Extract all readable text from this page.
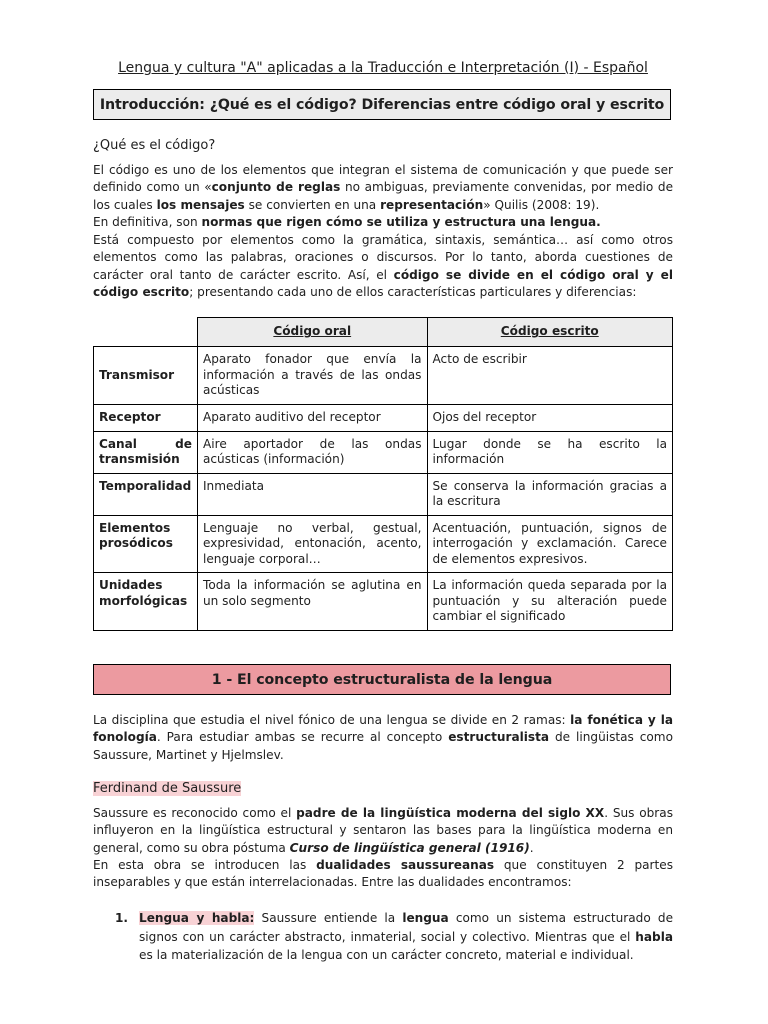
Lengua y cultura "A" aplicadas a la Traducción e Interpretación (I) - Español
Introducción: ¿Qué es el código? Diferencias entre código oral y escrito
¿Qué es el código?
El código es uno de los elementos que integran el sistema de comunicación y que puede ser definido como un «conjunto de reglas no ambiguas, previamente convenidas, por medio de los cuales los mensajes se convierten en una representación» Quilis (2008: 19).
En definitiva, son normas que rigen cómo se utiliza y estructura una lengua.
Está compuesto por elementos como la gramática, sintaxis, semántica… así como otros elementos como las palabras, oraciones o discursos. Por lo tanto, aborda cuestiones de carácter oral tanto de carácter escrito. Así, el código se divide en el código oral y el código escrito; presentando cada uno de ellos características particulares y diferencias:
	Código oral	Código escrito
Transmisor	Aparato fonador que envía la información a través de las ondas acústicas	Acto de escribir
Receptor	Aparato auditivo del receptor	Ojos del receptor
Canal de transmisión	Aire aportador de las ondas acústicas (información)	Lugar donde se ha escrito la información
Temporalidad	Inmediata	Se conserva la información gracias a la escritura
Elementos prosódicos	Lenguaje no verbal, gestual, expresividad, entonación, acento, lenguaje corporal…	Acentuación, puntuación, signos de interrogación y exclamación. Carece de elementos expresivos.
Unidades morfológicas	Toda la información se aglutina en un solo segmento	La información queda separada por la puntuación y su alteración puede cambiar el significado
1 - El concepto estructuralista de la lengua
La disciplina que estudia el nivel fónico de una lengua se divide en 2 ramas: la fonética y la fonología. Para estudiar ambas se recurre al concepto estructuralista de lingüistas como Saussure, Martinet y Hjelmslev.
Ferdinand de Saussure
Saussure es reconocido como el padre de la lingüística moderna del siglo XX. Sus obras influyeron en la lingüística estructural y sentaron las bases para la lingüística moderna en general, como su obra póstuma Curso de lingüística general (1916).
En esta obra se introducen las dualidades saussureanas que constituyen 2 partes inseparables y que están interrelacionadas. Entre las dualidades encontramos:
1. Lengua y habla: Saussure entiende la lengua como un sistema estructurado de signos con un carácter abstracto, inmaterial, social y colectivo. Mientras que el habla es la materialización de la lengua con un carácter concreto, material e individual.
